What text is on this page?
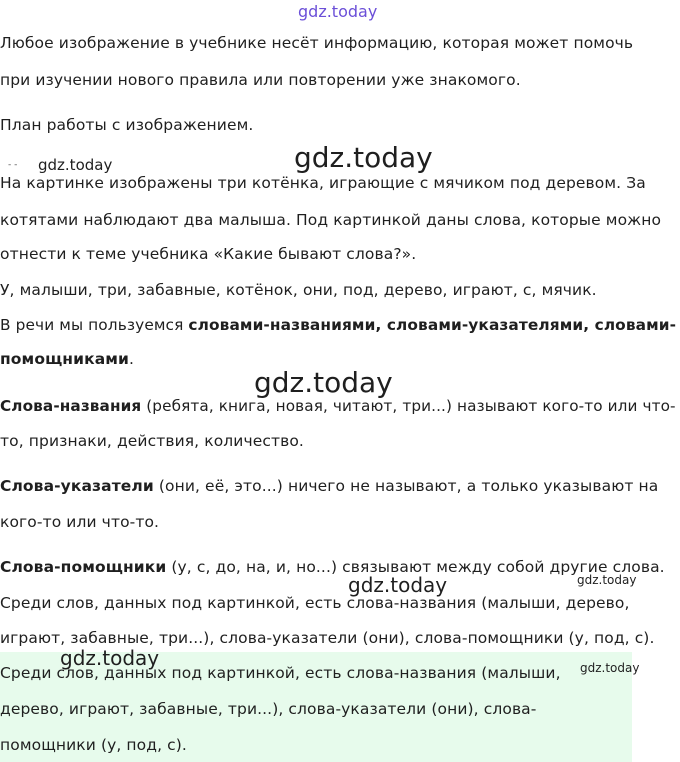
gdz.today
gdz.today	gdz.today
gdz.today
gdz.today	gdz.today
gdz.today	gdz.today
- -
Любое изображение в учебнике несёт информацию, которая может помочь
при изучении нового правила или повторении уже знакомого.
План работы с изображением.
На картинке изображены три котёнка, играющие с мячиком под деревом. За
котятами наблюдают два малыша. Под картинкой даны слова, которые можно
отнести к теме учебника «Какие бывают слова?».
У, малыши, три, забавные, котёнок, они, под, дерево, играют, с, мячик.
В речи мы пользуемся словами-названиями, словами-указателями, словами-
помощниками.
Слова-названия (ребята, книга, новая, читают, три...) называют кого-то или что-
то, признаки, действия, количество.
Слова-указатели (они, её, это...) ничего не называют, а только указывают на
кого-то или что-то.
Слова-помощники (у, с, до, на, и, но...) связывают между собой другие слова.
Среди слов, данных под картинкой, есть слова-названия (малыши, дерево,
играют, забавные, три...), слова-указатели (они), слова-помощники (у, под, с).
Среди слов, данных под картинкой, есть слова-названия (малыши,
дерево, играют, забавные, три...), слова-указатели (они), слова-
помощники (у, под, с).
